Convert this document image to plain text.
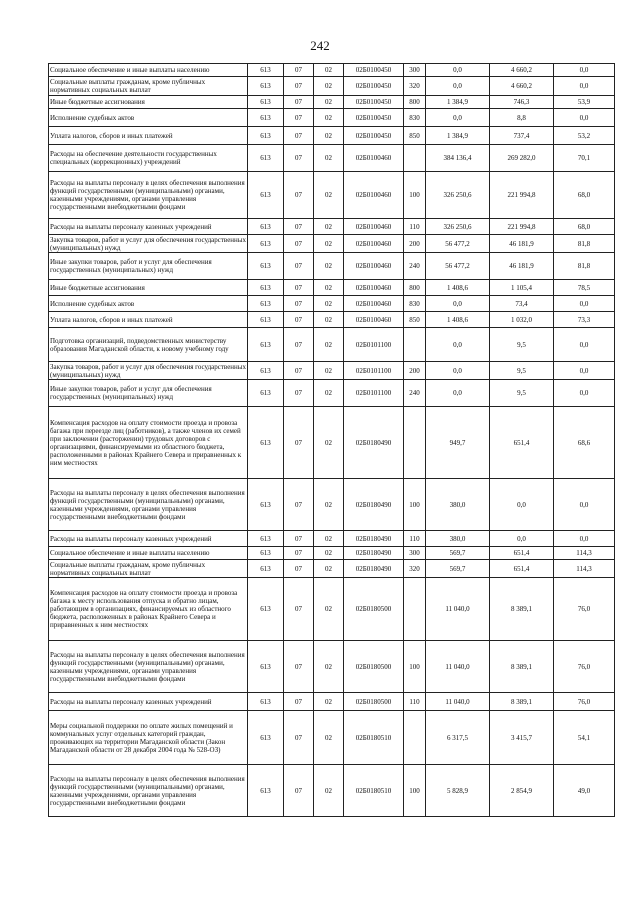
242
Социальное обеспечение и иные выплаты населению	613	07	02	02Б0100450	300	0,0	4 660,2	0,0
Социальные выплаты гражданам, кроме публичных нормативных социальных выплат	613	07	02	02Б0100450	320	0,0	4 660,2	0,0
Иные бюджетные ассигнования	613	07	02	02Б0100450	800	1 384,9	746,3	53,9
Исполнение судебных актов	613	07	02	02Б0100450	830	0,0	8,8	0,0
Уплата налогов, сборов и иных платежей	613	07	02	02Б0100450	850	1 384,9	737,4	53,2
Расходы на обеспечение деятельности государственных специальных (коррекционных) учреждений	613	07	02	02Б0100460		384 136,4	269 282,0	70,1
Расходы на выплаты персоналу в целях обеспечения выполнения функций государственными (муниципальными) органами, казенными учреждениями, органами управления государственными внебюджетными фондами	613	07	02	02Б0100460	100	326 250,6	221 994,8	68,0
Расходы на выплаты персоналу казенных учреждений	613	07	02	02Б0100460	110	326 250,6	221 994,8	68,0
Закупка товаров, работ и услуг для обеспечения государственных (муниципальных) нужд	613	07	02	02Б0100460	200	56 477,2	46 181,9	81,8
Иные закупки товаров, работ и услуг для обеспечения государственных (муниципальных) нужд	613	07	02	02Б0100460	240	56 477,2	46 181,9	81,8
Иные бюджетные ассигнования	613	07	02	02Б0100460	800	1 408,6	1 105,4	78,5
Исполнение судебных актов	613	07	02	02Б0100460	830	0,0	73,4	0,0
Уплата налогов, сборов и иных платежей	613	07	02	02Б0100460	850	1 408,6	1 032,0	73,3
Подготовка организаций, подведомственных министерству образования Магаданской области, к новому учебному году	613	07	02	02Б0101100		0,0	9,5	0,0
Закупка товаров, работ и услуг для обеспечения государственных (муниципальных) нужд	613	07	02	02Б0101100	200	0,0	9,5	0,0
Иные закупки товаров, работ и услуг для обеспечения государственных (муниципальных) нужд	613	07	02	02Б0101100	240	0,0	9,5	0,0
Компенсация расходов на оплату стоимости проезда и провоза багажа при переезде лиц (работников), а также членов их семей при заключении (расторжении) трудовых договоров с организациями, финансируемыми из областного бюджета, расположенными в районах Крайнего Севера и приравненных к ним местностях	613	07	02	02Б0180490		949,7	651,4	68,6
Расходы на выплаты персоналу в целях обеспечения выполнения функций государственными (муниципальными) органами, казенными учреждениями, органами управления государственными внебюджетными фондами	613	07	02	02Б0180490	100	380,0	0,0	0,0
Расходы на выплаты персоналу казенных учреждений	613	07	02	02Б0180490	110	380,0	0,0	0,0
Социальное обеспечение и иные выплаты населению	613	07	02	02Б0180490	300	569,7	651,4	114,3
Социальные выплаты гражданам, кроме публичных нормативных социальных выплат	613	07	02	02Б0180490	320	569,7	651,4	114,3
Компенсация расходов на оплату стоимости проезда и провоза багажа к месту использования отпуска и обратно лицам, работающим в организациях, финансируемых из областного бюджета, расположенных в районах Крайнего Севера и приравненных к ним местностях	613	07	02	02Б0180500		11 040,0	8 389,1	76,0
Расходы на выплаты персоналу в целях обеспечения выполнения функций государственными (муниципальными) органами, казенными учреждениями, органами управления государственными внебюджетными фондами	613	07	02	02Б0180500	100	11 040,0	8 389,1	76,0
Расходы на выплаты персоналу казенных учреждений	613	07	02	02Б0180500	110	11 040,0	8 389,1	76,0
Меры социальной поддержки по оплате жилых помещений и коммунальных услуг отдельных категорий граждан, проживающих на территории Магаданской области (Закон Магаданской области от 28 декабря 2004 года № 528-ОЗ)	613	07	02	02Б0180510		6 317,5	3 415,7	54,1
Расходы на выплаты персоналу в целях обеспечения выполнения функций государственными (муниципальными) органами, казенными учреждениями, органами управления государственными внебюджетными фондами	613	07	02	02Б0180510	100	5 828,9	2 854,9	49,0
